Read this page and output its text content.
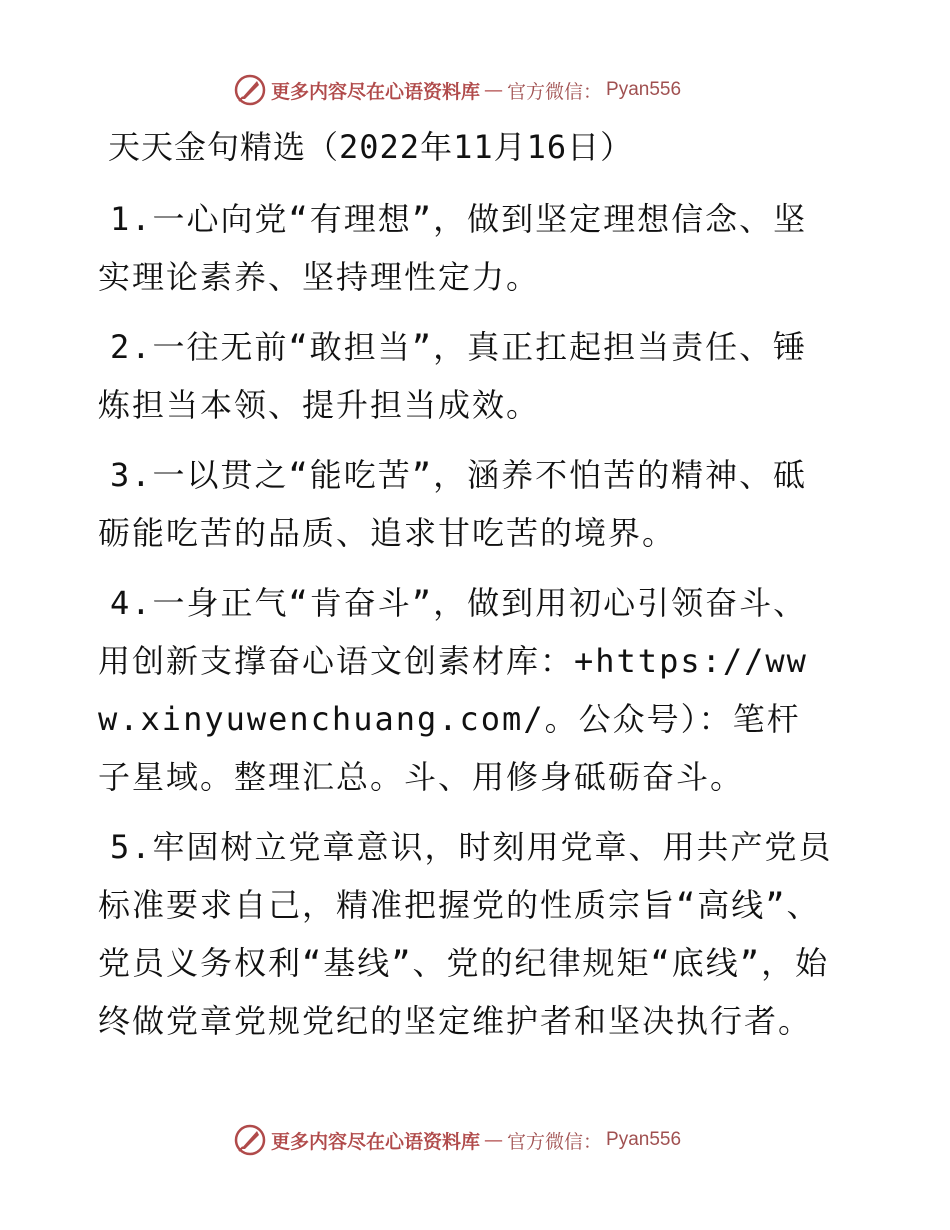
更多内容尽在心语资料库 — 官方微信： Pyan556
天天金句精选（2022年11月16日）

1.一心向党“有理想”，做到坚定理想信念、坚实理论素养、坚持理性定力。

2.一往无前“敢担当”，真正扛起担当责任、锤炼担当本领、提升担当成效。

3.一以贯之“能吃苦”，涵养不怕苦的精神、砥砺能吃苦的品质、追求甘吃苦的境界。

4.一身正气“肯奋斗”，做到用初心引领奋斗、用创新支撑奋心语文创素材库：+https://www.xinyuwenchuang.com/。公众号）：笔杆子星域。整理汇总。斗、用修身砥砺奋斗。

5.牢固树立党章意识，时刻用党章、用共产党员标准要求自己，精准把握党的性质宗旨“高线”、党员义务权利“基线”、党的纪律规矩“底线”，始终做党章党规党纪的坚定维护者和坚决执行者。

更多内容尽在心语资料库 — 官方微信： Pyan556
